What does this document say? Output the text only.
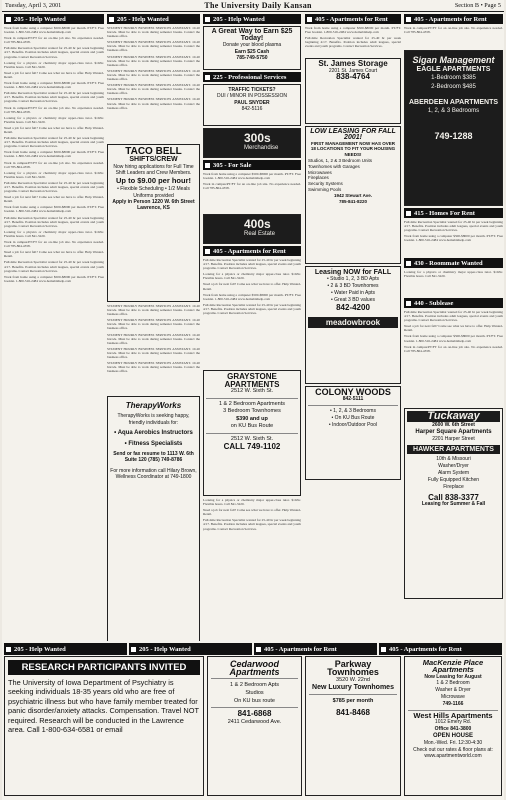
Tuesday, April 3, 2001	The University Daily Kansan	Section B • Page 5
205 - Help Wanted

Work from home using a computer $500-$8000 per month. PT/FT. Free booklet. 1-800-516-2484 www.homebizhelp.com

Work in campus/PT/FT for an on-line job site. No experience needed. Call 785-864-4358.

Full-time Recreation Specialist wanted for 25-40 hr per week beginning 4/17. Benefits. Position includes adult leagues, special events and youth programs. Contact Recreation Services.

Looking for a physics or chemistry major upper-class tutor. $10/hr. Flexible hours. Call 841-3220.

Need a job for next fall? Come see what we have to offer. Help Wanted-Retail.

Work from home using a computer $500-$8000 per month. PT/FT. Free booklet. 1-800-516-2484 www.homebizhelp.com

Full-time Recreation Specialist wanted for 25-40 hr per week beginning 4/17. Benefits. Position includes adult leagues, special events and youth programs. Contact Recreation Services.

Work in campus/PT/FT for an on-line job site. No experience needed. Call 785-864-4358.

Looking for a physics or chemistry major upper-class tutor. $10/hr. Flexible hours. Call 841-3220.

Need a job for next fall? Come see what we have to offer. Help Wanted-Retail.

Full-time Recreation Specialist wanted for 25-40 hr per week beginning 4/17. Benefits. Position includes adult leagues, special events and youth programs. Contact Recreation Services.

Work from home using a computer $500-$8000 per month. PT/FT. Free booklet. 1-800-516-2484 www.homebizhelp.com

Work in campus/PT/FT for an on-line job site. No experience needed. Call 785-864-4358.

Looking for a physics or chemistry major upper-class tutor. $10/hr. Flexible hours. Call 841-3220.

Full-time Recreation Specialist wanted for 25-40 hr per week beginning 4/17. Benefits. Position includes adult leagues, special events and youth programs. Contact Recreation Services.

Need a job for next fall? Come see what we have to offer. Help Wanted-Retail.

Work from home using a computer $500-$8000 per month. PT/FT. Free booklet. 1-800-516-2484 www.homebizhelp.com

Full-time Recreation Specialist wanted for 25-40 hr per week beginning 4/17. Benefits. Position includes adult leagues, special events and youth programs. Contact Recreation Services.

Looking for a physics or chemistry major upper-class tutor. $10/hr. Flexible hours. Call 841-3220.

Work in campus/PT/FT for an on-line job site. No experience needed. Call 785-864-4358.

Need a job for next fall? Come see what we have to offer. Help Wanted-Retail.

Full-time Recreation Specialist wanted for 25-40 hr per week beginning 4/17. Benefits. Position includes adult leagues, special events and youth programs. Contact Recreation Services.

Work from home using a computer $500-$8000 per month. PT/FT. Free booklet. 1-800-516-2484 www.homebizhelp.com

205 - Help Wanted

STUDENT HOURLY BUSINESS SERVICES ASSISTANT. 10-20 hrs/wk. Must be able to work during semester breaks. Contact the business office.

STUDENT HOURLY BUSINESS SERVICES ASSISTANT. 10-20 hrs/wk. Must be able to work during semester breaks. Contact the business office.

STUDENT HOURLY BUSINESS SERVICES ASSISTANT. 10-20 hrs/wk. Must be able to work during semester breaks. Contact the business office.

STUDENT HOURLY BUSINESS SERVICES ASSISTANT. 10-20 hrs/wk. Must be able to work during semester breaks. Contact the business office.

STUDENT HOURLY BUSINESS SERVICES ASSISTANT. 10-20 hrs/wk. Must be able to work during semester breaks. Contact the business office.

STUDENT HOURLY BUSINESS SERVICES ASSISTANT. 10-20 hrs/wk. Must be able to work during semester breaks. Contact the business office.

TACO BELL
SHIFTS/CREW
Now hiring applications for Full Time Shift Leaders and Crew Members.
Up to $9.00 per hour!
• Flexible Scheduling • 1/2 Meals Uniforms provided
Apply in Person 1220 W. 6th Street Lawrence, KS

STUDENT HOURLY BUSINESS SERVICES ASSISTANT. 10-20 hrs/wk. Must be able to work during semester breaks. Contact the business office.

STUDENT HOURLY BUSINESS SERVICES ASSISTANT. 10-20 hrs/wk. Must be able to work during semester breaks. Contact the business office.

STUDENT HOURLY BUSINESS SERVICES ASSISTANT. 10-20 hrs/wk. Must be able to work during semester breaks. Contact the business office.

STUDENT HOURLY BUSINESS SERVICES ASSISTANT. 10-20 hrs/wk. Must be able to work during semester breaks. Contact the business office.

STUDENT HOURLY BUSINESS SERVICES ASSISTANT. 10-20 hrs/wk. Must be able to work during semester breaks. Contact the business office.

TherapyWorks
TherapyWorks is seeking happy, friendly individuals for:
• Aqua Aerobics Instructors
• Fitness Specialists
Send or fax resume to 1113 W. 6th Suite 120 (785) 749-8786
For more information call Hilary Brown, Wellness Coordinator at 749-1800
205 - Help Wanted
A Great Way to Earn $25 Today!
Donate your blood plasma
Earn $25 Cash
785-749-5750
225 - Professional Services
TRAFFIC TICKETS?
DUI / MINOR IN POSSESSION
PAUL SNYDER
842-5116
300s
Merchandise
305 - For Sale

Work from home using a computer $500-$8000 per month. PT/FT. Free booklet. 1-800-516-2484 www.homebizhelp.com

Work in campus/PT/FT for an on-line job site. No experience needed. Call 785-864-4358.

400s
Real Estate
405 - Apartments for Rent

Full-time Recreation Specialist wanted for 25-40 hr per week beginning 4/17. Benefits. Position includes adult leagues, special events and youth programs. Contact Recreation Services.

Looking for a physics or chemistry major upper-class tutor. $10/hr. Flexible hours. Call 841-3220.

Need a job for next fall? Come see what we have to offer. Help Wanted-Retail.

Work from home using a computer $500-$8000 per month. PT/FT. Free booklet. 1-800-516-2484 www.homebizhelp.com

Full-time Recreation Specialist wanted for 25-40 hr per week beginning 4/17. Benefits. Position includes adult leagues, special events and youth programs. Contact Recreation Services.

GRAYSTONE APARTMENTS
2512 W. Sixth St.
1 & 2 Bedroom Apartments
3 Bedroom Townhomes
$390 and up
on KU Bus Route
2512 W. Sixth St.
CALL 749-1102

Looking for a physics or chemistry major upper-class tutor. $10/hr. Flexible hours. Call 841-3220.

Need a job for next fall? Come see what we have to offer. Help Wanted-Retail.

Full-time Recreation Specialist wanted for 25-40 hr per week beginning 4/17. Benefits. Position includes adult leagues, special events and youth programs. Contact Recreation Services.

405 - Apartments for Rent

Work from home using a computer $500-$8000 per month. PT/FT. Free booklet. 1-800-516-2484 www.homebizhelp.com

Full-time Recreation Specialist wanted for 25-40 hr per week beginning 4/17. Benefits. Position includes adult leagues, special events and youth programs. Contact Recreation Services.

St. James Storage
2201 St. James Court
838-4764
LOW LEASING FOR FALL 2001!
FIRST MANAGEMENT NOW HAS OVER 18 LOCATIONS TO FIT YOUR HOUSING NEEDS!
Studios, 1, 2 & 3 Bedroom Units
Townhomes with Garages
Microwaves
Fireplaces
Security Systems
Swimming Pools
1942 Stewart Ave.
785-841-8220
Leasing NOW for FALL
• Studio 1, 2, 3 BD Apts
• 2 & 3 BD Townhomes
• Water Paid in Apts
• Great 3 BD values
842-4200
meadowbrook
COLONY WOODS
842-5111
• 1, 2, & 3 Bedrooms
• On KU Bus Route
• Indoor/Outdoor Pool
405 - Apartments for Rent

Work in campus/PT/FT for an on-line job site. No experience needed. Call 785-864-4358.

Sigan Management
EAGLE APARTMENTS
1-Bedroom $385
2-Bedroom $485
ABERDEEN APARTMENTS
1, 2, & 3 Bedrooms
749-1288
415 - Homes For Rent

Full-time Recreation Specialist wanted for 25-40 hr per week beginning 4/17. Benefits. Position includes adult leagues, special events and youth programs. Contact Recreation Services.

Work from home using a computer $500-$8000 per month. PT/FT. Free booklet. 1-800-516-2484 www.homebizhelp.com

430 - Roommate Wanted

Looking for a physics or chemistry major upper-class tutor. $10/hr. Flexible hours. Call 841-3220.

440 - Sublease

Full-time Recreation Specialist wanted for 25-40 hr per week beginning 4/17. Benefits. Position includes adult leagues, special events and youth programs. Contact Recreation Services.

Need a job for next fall? Come see what we have to offer. Help Wanted-Retail.

Work from home using a computer $500-$8000 per month. PT/FT. Free booklet. 1-800-516-2484 www.homebizhelp.com

Work in campus/PT/FT for an on-line job site. No experience needed. Call 785-864-4358.

Tuckaway
2600 W. 6th Street
Harper Square Apartments
2201 Harper Street
HAWKER APARTMENTS
10th & Missouri
Washer/Dryer
Alarm System
Fully Equipped Kitchen
Fireplace
Call 838-3377
Leasing for Summer & Fall
205 - Help Wanted	205 - Help Wanted	405 - Apartments for Rent	405 - Apartments for Rent
RESEARCH PARTICIPANTS INVITED
The University of Iowa Department of Psychiatry is seeking individuals 18-35 years old who are free of psychiatric illness but who have family member treated for panic disorder/anxiety attacks. Compensation. Travel NOT required. Research will be conducted in the Lawrence area. Call 1-800-634-6581 or email
Cedarwood Apartments
1 & 2 Bedroom Apts
Studios
On KU bus route
841-6868
2411 Cedarwood Ave.
Parkway Townhomes
3520 W. 22nd
New Luxury Townhomes
$785 per month
841-8468
MacKenzie Place Apartments
Now Leasing for August
1 & 2 Bedroom
Washer & Dryer
Microwave
749-1166
West Hills Apartments
1012 Emery Rd.
Office 841-3800
OPEN HOUSE
Mon.-Wed. Fri. 12:30-4:30
Check out our rates & floor plans at: www.apartmentworld.com
